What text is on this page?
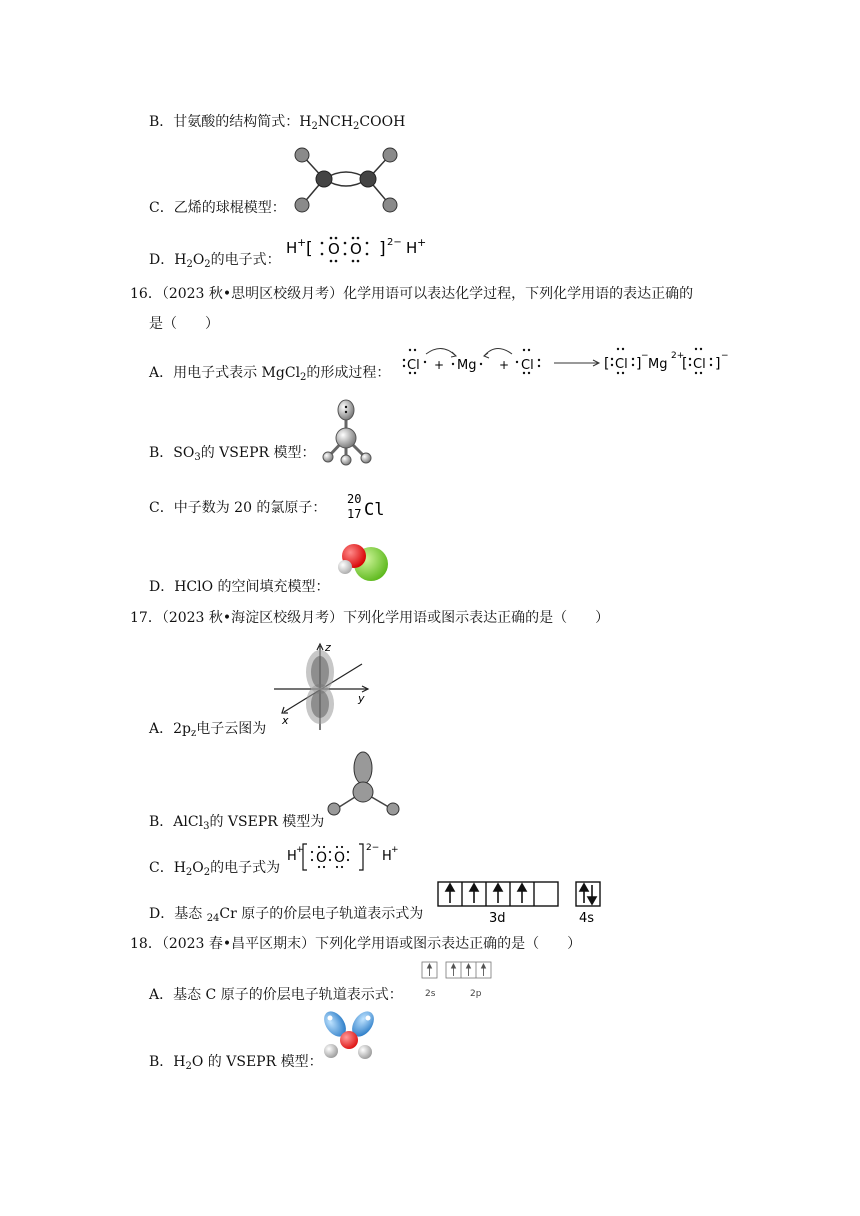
B．甘氨酸的结构简式：$H_2NCH_2COOH$
C．乙烯的球棍模型：
D．$H_2O_2$的电子式：
H + [ O O ] 2− H +
16．（2023 秋•思明区校级月考）化学用语可以表达化学过程，下列化学用语的表达正确的
是（　　）
A．用电子式表示 MgCl$_2$的形成过程： Cl + Mg + Cl	[ Cl ] −
Mg
2+
[ Cl ] −
B．$SO_3$的 VSEPR 模型：
C．中子数为 20 的氯原子：
20
17 Cl
D．HClO 的空间填充模型：
17．（2023 秋•海淀区校级月考）下列化学用语或图示表达正确的是（　　）
A．$2p_z$电子云图为
z
y
x
B．AlCl$_3$的 VSEPR 模型为
C．$H_2O_2$的电子式为
H + O O
2−
H +
D．基态 $_{24}$Cr 原子的价层电子轨道表示式为	3d	4s
18．（2023 春•昌平区期末）下列化学用语或图示表达正确的是（　　）
A．基态 C 原子的价层电子轨道表示式： 2s	2p
B．$H_2O$ 的 VSEPR 模型：
